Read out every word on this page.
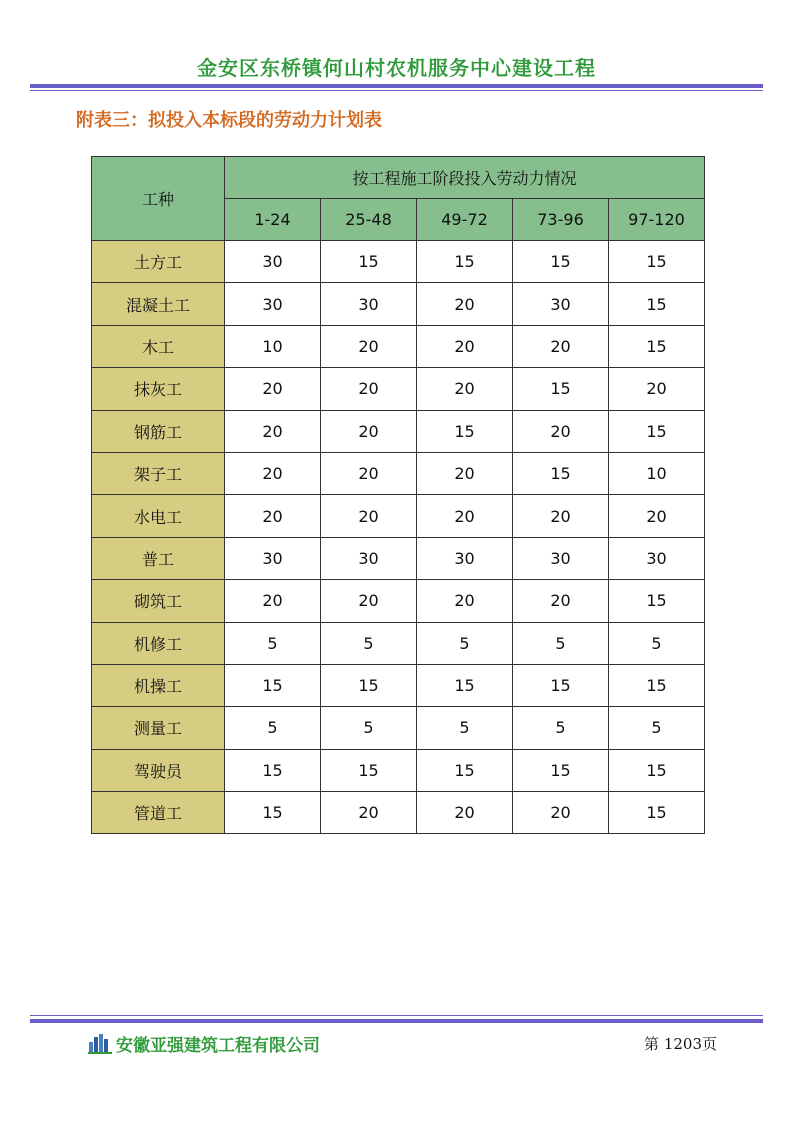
金安区东桥镇何山村农机服务中心建设工程
附表三：拟投入本标段的劳动力计划表
工种	按工程施工阶段投入劳动力情况				
	1-24	25-48	49-72	73-96	97-120
土方工	30	15	15	15	15
混凝土工	30	30	20	30	15
木工	10	20	20	20	15
抹灰工	20	20	20	15	20
钢筋工	20	20	15	20	15
架子工	20	20	20	15	10
水电工	20	20	20	20	20
普工	30	30	30	30	30
砌筑工	20	20	20	20	15
机修工	5	5	5	5	5
机操工	15	15	15	15	15
测量工	5	5	5	5	5
驾驶员	15	15	15	15	15
管道工	15	20	20	20	15
安徽亚强建筑工程有限公司	第 1203页
